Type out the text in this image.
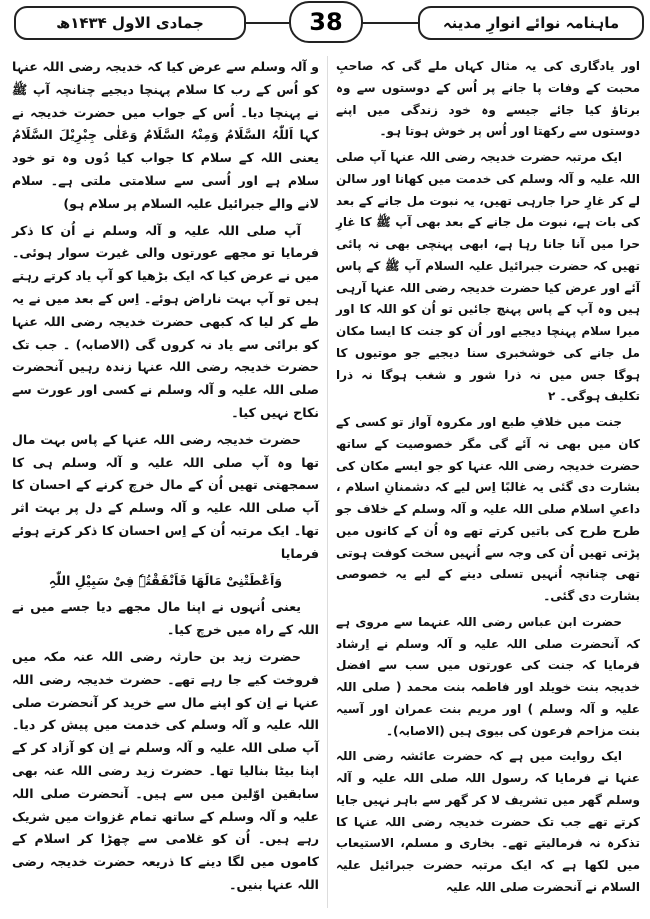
جمادی الاول ۱۴۳۴ھ	38	ماہنامہ نوائے انوارِ مدینہ

اور یادگاری کی یہ مثال کہاں ملے گی کہ صاحبِ محبت کے وفات پا جانے پر اُس کے دوستوں سے وہ برتاؤ کیا جائے جیسے وہ خود زندگی میں اپنے دوستوں سے رکھتا اور اُس پر خوش ہوتا ہو۔

ایک مرتبہ حضرت خدیجہ رضی اللہ عنہا آپ صلی اللہ علیہ و آلہ وسلم کی خدمت میں کھانا اور سالن لے کر غارِ حرا جارہی تھیں، یہ نبوت مل جانے کے بعد کی بات ہے، نبوت مل جانے کے بعد بھی آپ ﷺ کا غارِ حرا میں آنا جانا رہا ہے، ابھی پہنچی بھی نہ پائی تھیں کہ حضرت جبرائیل علیہ السلام آپ ﷺ کے پاس آئے اور عرض کیا حضرت خدیجہ رضی اللہ عنہا آرہی ہیں وہ آپ کے پاس پہنچ جائیں تو اُن کو اللہ کا اور میرا سلام پہنچا دیجیے اور اُن کو جنت کا ایسا مکان مل جانے کی خوشخبری سنا دیجیے جو موتیوں کا ہوگا جس میں نہ ذرا شور و شغب ہوگا نہ ذرا تکلیف ہوگی۔ ۲

جنت میں خلافِ طبع اور مکروہ آواز تو کسی کے کان میں بھی نہ آئے گی مگر خصوصیت کے ساتھ حضرت خدیجہ رضی اللہ عنہا کو جو ایسے مکان کی بشارت دی گئی یہ غالبًا اِس لیے کہ دشمنانِ اسلام ، داعیِ اسلام صلی اللہ علیہ و آلہ وسلم کے خلاف جو طرح طرح کی باتیں کرتے تھے وہ اُن کے کانوں میں پڑتی تھیں اُن کی وجہ سے اُنہیں سخت کوفت ہوتی تھی چنانچہ اُنہیں تسلی دینے کے لیے یہ خصوصی بشارت دی گئی۔

حضرت ابن عباس رضی اللہ عنہما سے مروی ہے کہ آنحضرت صلی اللہ علیہ و آلہ وسلم نے اِرشاد فرمایا کہ جنت کی عورتوں میں سب سے افضل خدیجہ بنت خویلد اور فاطمہ بنت محمد ( صلی اللہ علیہ و آلہ وسلم ) اور مریم بنت عمران اور آسیہ بنت مزاحم فرعون کی بیوی ہیں (الاصابہ)۔

ایک روایت میں ہے کہ حضرت عائشہ رضی اللہ عنہا نے فرمایا کہ رسول اللہ صلی اللہ علیہ و آلہ وسلم گھر میں تشریف لا کر گھر سے باہر نہیں جایا کرتے تھے جب تک حضرت خدیجہ رضی اللہ عنہا کا تذکرہ نہ فرمالیتے تھے۔ بخاری و مسلم، الاستیعاب میں لکھا ہے کہ ایک مرتبہ حضرت جبرائیل علیہ السلام نے آنحضرت صلی اللہ علیہ

و آلہ وسلم سے عرض کیا کہ خدیجہ رضی اللہ عنہا کو اُس کے رب کا سلام پہنچا دیجیے چنانچہ آپ ﷺ نے پہنچا دیا۔ اُس کے جواب میں حضرت خدیجہ نے کہا اَللّٰہُ السَّلَامُ وَمِنْہُ السَّلَامُ وَعَلٰی جِبْرِیْلَ السَّلَامُ یعنی اللہ کے سلام کا جواب کیا دُوں وہ تو خود سلام ہے اور اُسی سے سلامتی ملتی ہے۔ سلام لانے والے جبرائیل علیہ السلام پر سلام ہو)

آپ صلی اللہ علیہ و آلہ وسلم نے اُن کا ذکر فرمایا تو مجھے عورتوں والی غیرت سوار ہوئی۔ میں نے عرض کیا کہ ایک بڑھیا کو آپ یاد کرتے رہتے ہیں تو آپ بہت ناراض ہوئے۔ اِس کے بعد میں نے یہ طے کر لیا کہ کبھی حضرت خدیجہ رضی اللہ عنہا کو برائی سے یاد نہ کروں گی (الاصابہ) ۔ جب تک حضرت خدیجہ رضی اللہ عنہا زندہ رہیں آنحضرت صلی اللہ علیہ و آلہ وسلم نے کسی اور عورت سے نکاح نہیں کیا۔

حضرت خدیجہ رضی اللہ عنہا کے پاس بہت مال تھا وہ آپ صلی اللہ علیہ و آلہ وسلم ہی کا سمجھتی تھیں اُن کے مال خرچ کرنے کے احسان کا آپ صلی اللہ علیہ و آلہ وسلم کے دل پر بہت اثر تھا۔ ایک مرتبہ اُن کے اِس احسان کا ذکر کرتے ہوئے فرمایا

وَاَعْطَتْنِیْ مَالَھَا فَاَنْفَقْتُہٗ فِیْ سَبِیْلِ اللّٰہِ

یعنی اُنہوں نے اپنا مال مجھے دیا جسے میں نے اللہ کے راہ میں خرچ کیا۔

حضرت زید بن حارثہ رضی اللہ عنہ مکہ میں فروخت کیے جا رہے تھے۔ حضرت خدیجہ رضی اللہ عنہا نے اِن کو اپنے مال سے خرید کر آنحضرت صلی اللہ علیہ و آلہ وسلم کی خدمت میں پیش کر دیا۔ آپ صلی اللہ علیہ و آلہ وسلم نے اِن کو آزاد کر کے اپنا بیٹا بنالیا تھا۔ حضرت زید رضی اللہ عنہ بھی سابقین اوّلین میں سے ہیں۔ آنحضرت صلی اللہ علیہ و آلہ وسلم کے ساتھ تمام غزوات میں شریک رہے ہیں۔ اُن کو غلامی سے چھڑا کر اسلام کے کاموں میں لگا دینے کا ذریعہ حضرت خدیجہ رضی اللہ عنہا بنیں۔
